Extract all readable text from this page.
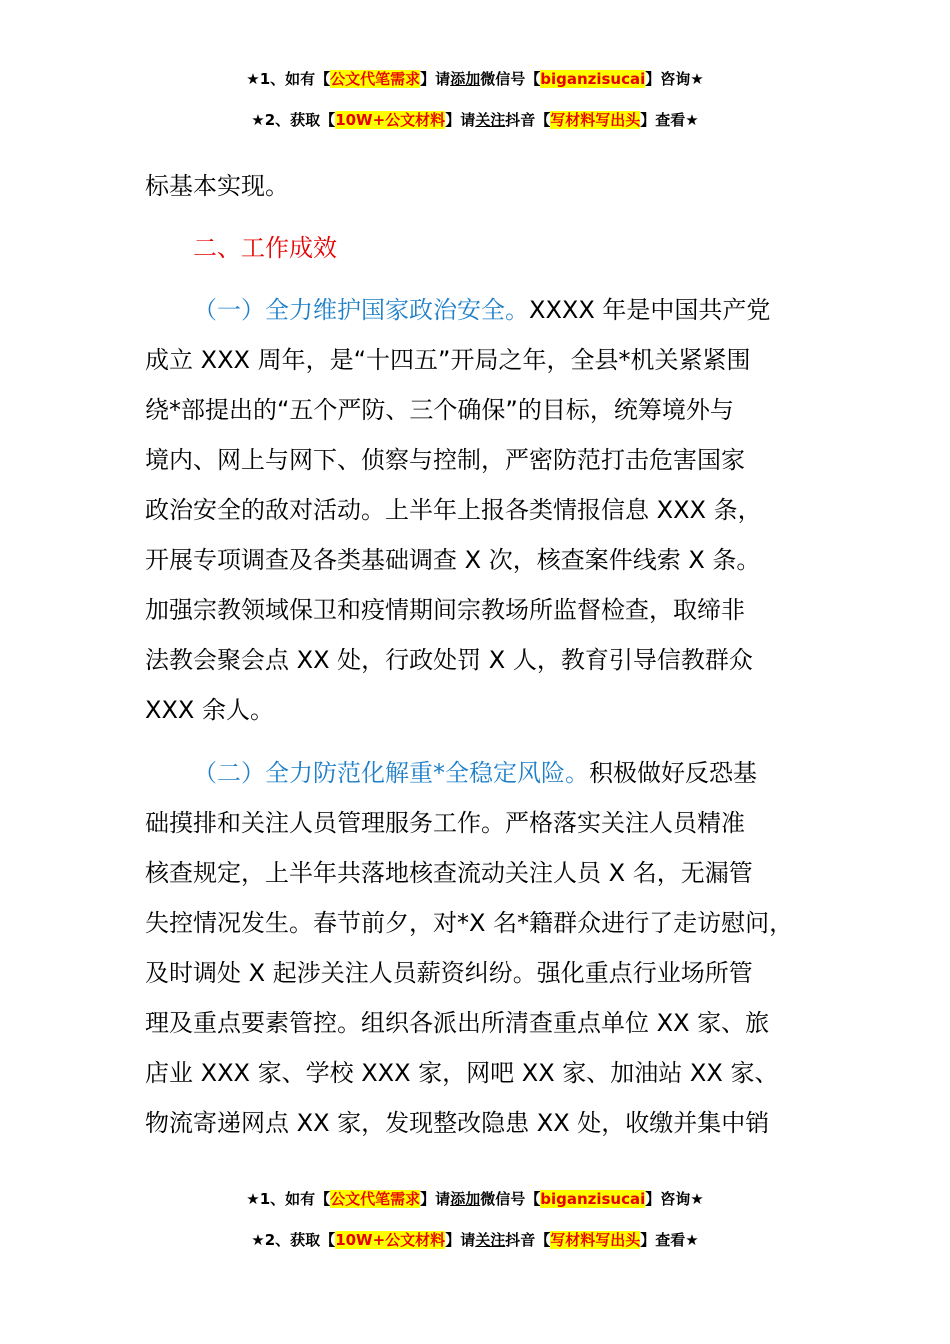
★1、如有【公文代笔需求】请添加微信号【biganzisucai】咨询★
★2、获取【10W+公文材料】请关注抖音【写材料写出头】查看★
标基本实现。
二、工作成效
（一）全力维护国家政治安全。XXXX 年是中国共产党
成立 XXX 周年，是“十四五”开局之年，全县*机关紧紧围
绕*部提出的“五个严防、三个确保”的目标，统筹境外与
境内、网上与网下、侦察与控制，严密防范打击危害国家
政治安全的敌对活动。上半年上报各类情报信息 XXX 条，
开展专项调查及各类基础调查 X 次，核查案件线索 X 条。
加强宗教领域保卫和疫情期间宗教场所监督检查，取缔非
法教会聚会点 XX 处，行政处罚 X 人，教育引导信教群众
XXX 余人。
（二）全力防范化解重*全稳定风险。积极做好反恐基
础摸排和关注人员管理服务工作。严格落实关注人员精准
核查规定，上半年共落地核查流动关注人员 X 名，无漏管
失控情况发生。春节前夕，对*X 名*籍群众进行了走访慰问，
及时调处 X 起涉关注人员薪资纠纷。强化重点行业场所管
理及重点要素管控。组织各派出所清查重点单位 XX 家、旅
店业 XXX 家、学校 XXX 家，网吧 XX 家、加油站 XX 家、
物流寄递网点 XX 家，发现整改隐患 XX 处，收缴并集中销
★1、如有【公文代笔需求】请添加微信号【biganzisucai】咨询★
★2、获取【10W+公文材料】请关注抖音【写材料写出头】查看★
